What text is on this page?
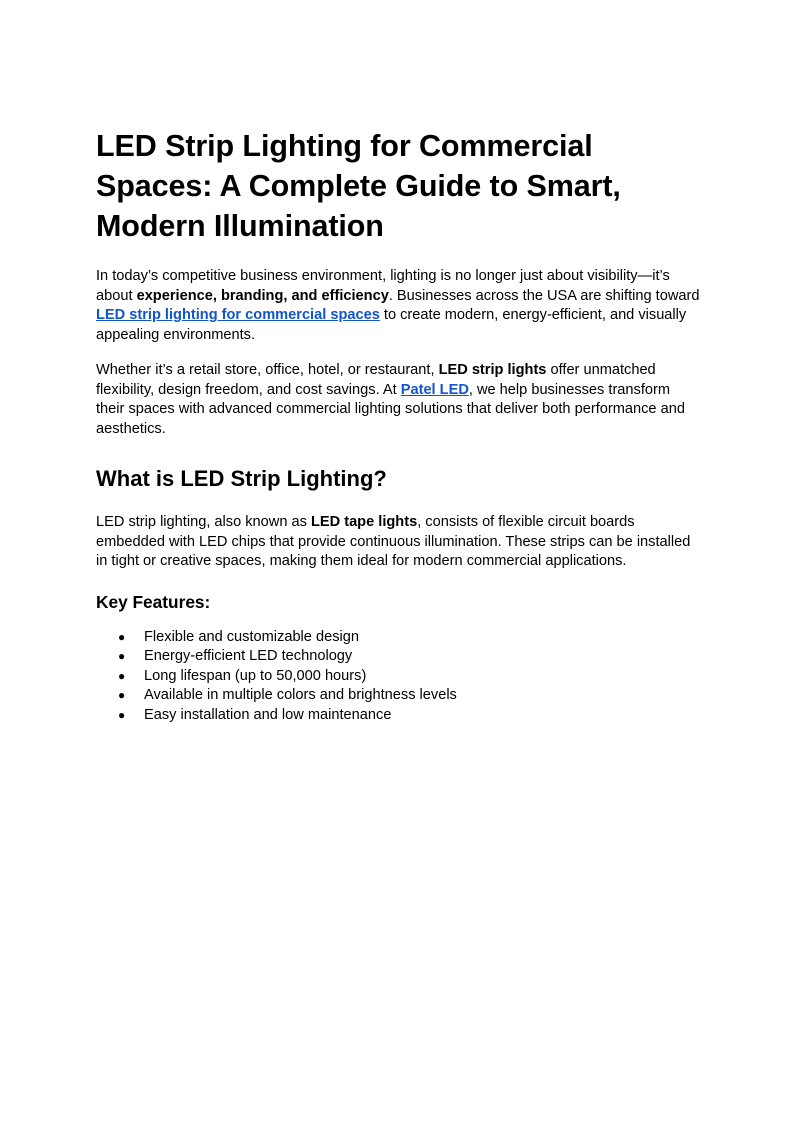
LED Strip Lighting for Commercial Spaces: A Complete Guide to Smart, Modern Illumination

In today’s competitive business environment, lighting is no longer just about visibility—it’s about experience, branding, and efficiency. Businesses across the USA are shifting toward LED strip lighting for commercial spaces to create modern, energy-efficient, and visually appealing environments.

Whether it’s a retail store, office, hotel, or restaurant, LED strip lights offer unmatched flexibility, design freedom, and cost savings. At Patel LED, we help businesses transform their spaces with advanced commercial lighting solutions that deliver both performance and aesthetics.

What is LED Strip Lighting?

LED strip lighting, also known as LED tape lights, consists of flexible circuit boards embedded with LED chips that provide continuous illumination. These strips can be installed in tight or creative spaces, making them ideal for modern commercial applications.

Key Features:
● Flexible and customizable design
● Energy-efficient LED technology
● Long lifespan (up to 50,000 hours)
● Available in multiple colors and brightness levels
● Easy installation and low maintenance
